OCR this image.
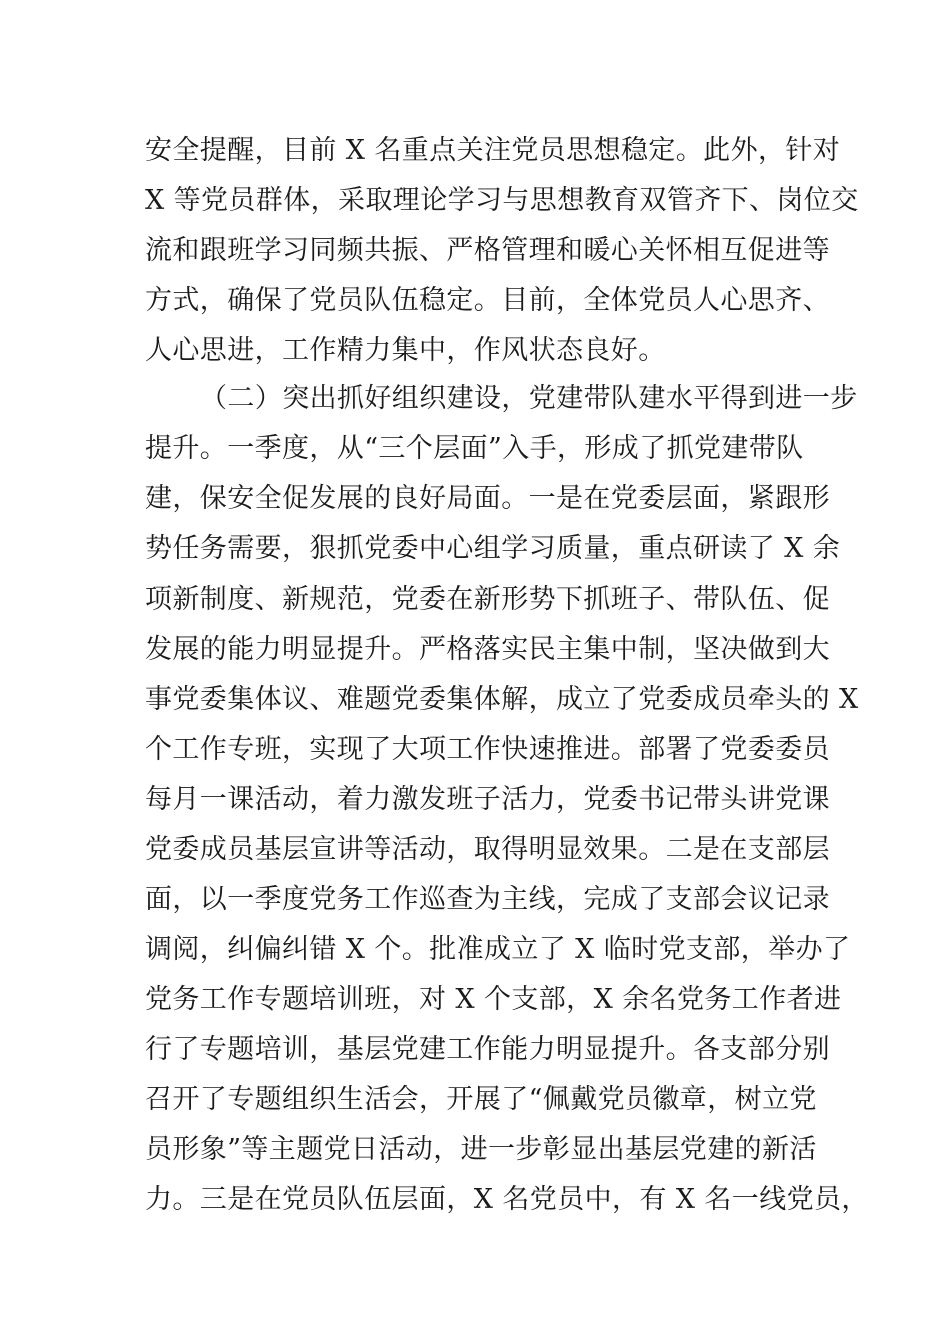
安全提醒，目前 X 名重点关注党员思想稳定。此外，针对
X 等党员群体，采取理论学习与思想教育双管齐下、岗位交
流和跟班学习同频共振、严格管理和暖心关怀相互促进等
方式，确保了党员队伍稳定。目前，全体党员人心思齐、
人心思进，工作精力集中，作风状态良好。
（二）突出抓好组织建设，党建带队建水平得到进一步
提升。一季度，从“三个层面”入手，形成了抓党建带队
建，保安全促发展的良好局面。一是在党委层面，紧跟形
势任务需要，狠抓党委中心组学习质量，重点研读了 X 余
项新制度、新规范，党委在新形势下抓班子、带队伍、促
发展的能力明显提升。严格落实民主集中制，坚决做到大
事党委集体议、难题党委集体解，成立了党委成员牵头的 X
个工作专班，实现了大项工作快速推进。部署了党委委员
每月一课活动，着力激发班子活力，党委书记带头讲党课
党委成员基层宣讲等活动，取得明显效果。二是在支部层
面，以一季度党务工作巡查为主线，完成了支部会议记录
调阅，纠偏纠错 X 个。批准成立了 X 临时党支部，举办了
党务工作专题培训班，对 X 个支部，X 余名党务工作者进
行了专题培训，基层党建工作能力明显提升。各支部分别
召开了专题组织生活会，开展了“佩戴党员徽章，树立党
员形象”等主题党日活动，进一步彰显出基层党建的新活
力。三是在党员队伍层面，X 名党员中，有 X 名一线党员，
